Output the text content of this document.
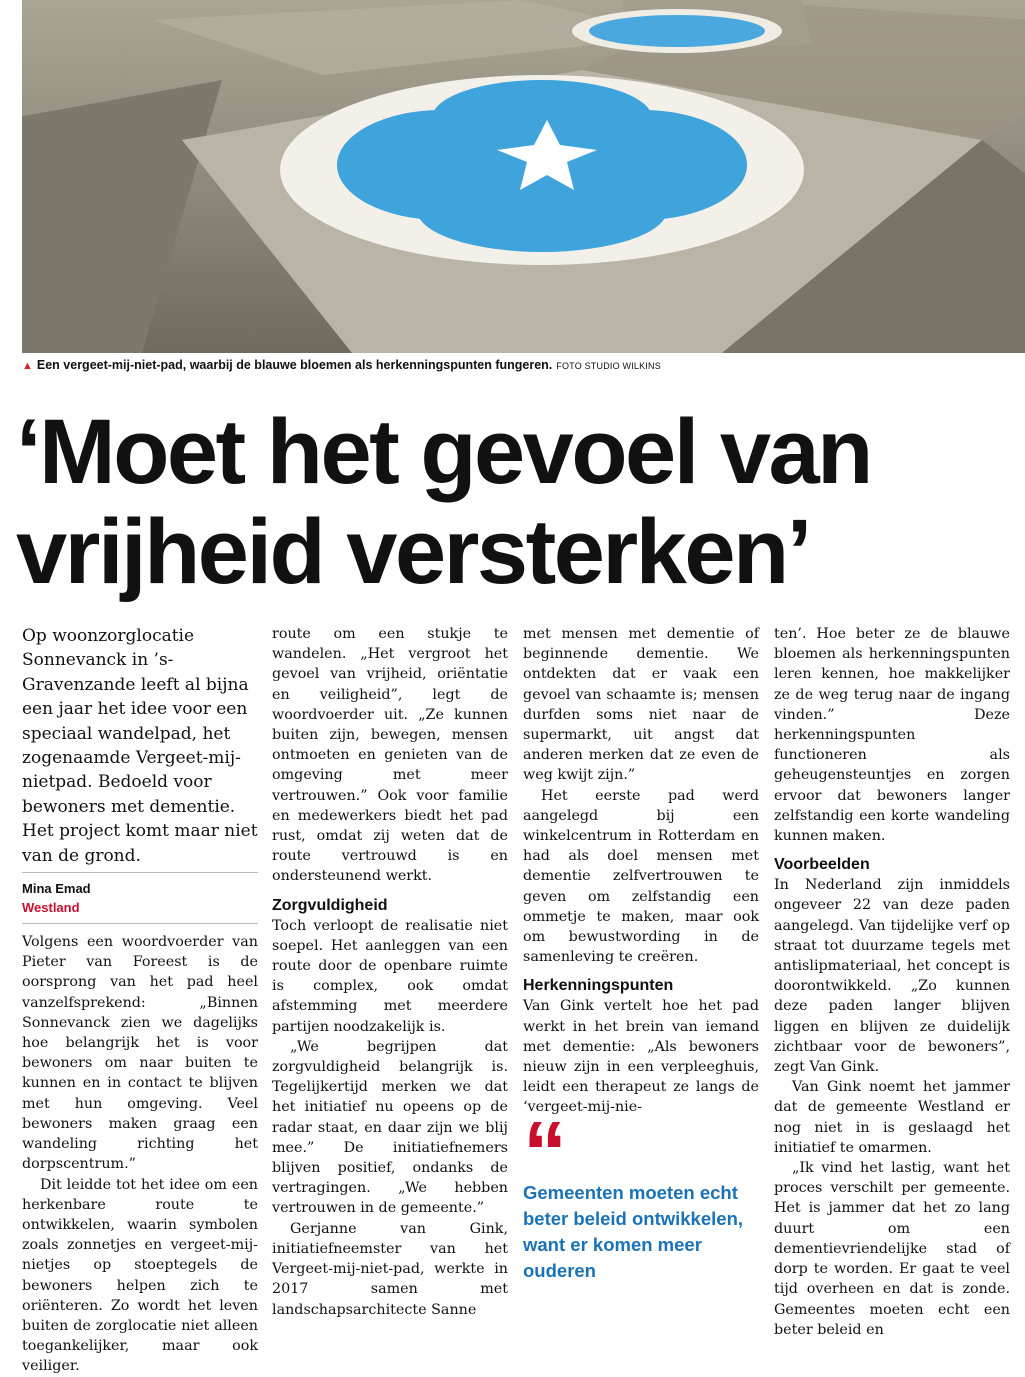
▲ Een vergeet-mij-niet-pad, waarbij de blauwe bloemen als herkenningspunten fungeren. FOTO STUDIO WILKINS
‘Moet het gevoel van
vrijheid versterken’

Op woonzorglocatie Sonnevanck in ’s-Gravenzande leeft al bijna een jaar het idee voor een speciaal wandelpad, het zogenaamde Vergeet-mij-nietpad. Bedoeld voor bewoners met dementie. Het project komt maar niet van de grond.

Mina Emad
Westland

Volgens een woordvoerder van Pieter van Foreest is de oorsprong van het pad heel vanzelfsprekend: „Binnen Sonnevanck zien we dagelijks hoe belangrijk het is voor bewoners om naar buiten te kunnen en in contact te blijven met hun omgeving. Veel bewoners maken graag een wandeling richting het dorpscentrum.”

Dit leidde tot het idee om een herkenbare route te ontwikkelen, waarin symbolen zoals zonnetjes en vergeet-mij-nietjes op stoeptegels de bewoners helpen zich te oriënteren. Zo wordt het leven buiten de zorglocatie niet alleen toegankelijker, maar ook veiliger.

route om een stukje te wandelen. „Het vergroot het gevoel van vrijheid, oriëntatie en veiligheid”, legt de woordvoerder uit. „Ze kunnen buiten zijn, bewegen, mensen ontmoeten en genieten van de omgeving met meer vertrouwen.” Ook voor familie en medewerkers biedt het pad rust, omdat zij weten dat de route vertrouwd is en ondersteunend werkt.

Zorgvuldigheid

Toch verloopt de realisatie niet soepel. Het aanleggen van een route door de openbare ruimte is complex, ook omdat afstemming met meerdere partijen noodzakelijk is.

„We begrijpen dat zorgvuldigheid belangrijk is. Tegelijkertijd merken we dat het initiatief nu opeens op de radar staat, en daar zijn we blij mee.” De initiatiefnemers blijven positief, ondanks de vertragingen. „We hebben vertrouwen in de gemeente.”

Gerjanne van Gink, initiatiefneemster van het Vergeet-mij-niet-pad, werkte in 2017 samen met landschapsarchitecte Sanne

met mensen met dementie of beginnende dementie. We ontdekten dat er vaak een gevoel van schaamte is; mensen durfden soms niet naar de supermarkt, uit angst dat anderen merken dat ze even de weg kwijt zijn.”

Het eerste pad werd aangelegd bij een winkelcentrum in Rotterdam en had als doel mensen met dementie zelfvertrouwen te geven om zelfstandig een ommetje te maken, maar ook om bewustwording in de samenleving te creëren.

Herkenningspunten

Van Gink vertelt hoe het pad werkt in het brein van iemand met dementie: „Als bewoners nieuw zijn in een verpleeghuis, leidt een therapeut ze langs de ‘vergeet-mij-nie-

“
Gemeenten moeten echt beter beleid ontwikkelen, want er komen meer ouderen

ten’. Hoe beter ze de blauwe bloemen als herkenningspunten leren kennen, hoe makkelijker ze de weg terug naar de ingang vinden.” Deze herkenningspunten functioneren als geheugensteuntjes en zorgen ervoor dat bewoners langer zelfstandig een korte wandeling kunnen maken.

Voorbeelden

In Nederland zijn inmiddels ongeveer 22 van deze paden aangelegd. Van tijdelijke verf op straat tot duurzame tegels met antislipmateriaal, het concept is doorontwikkeld. „Zo kunnen deze paden langer blijven liggen en blijven ze duidelijk zichtbaar voor de bewoners”, zegt Van Gink.

Van Gink noemt het jammer dat de gemeente Westland er nog niet in is geslaagd het initiatief te omarmen.

„Ik vind het lastig, want het proces verschilt per gemeente. Het is jammer dat het zo lang duurt om een dementievriendelijke stad of dorp te worden. Er gaat te veel tijd overheen en dat is zonde. Gemeentes moeten echt een beter beleid en
